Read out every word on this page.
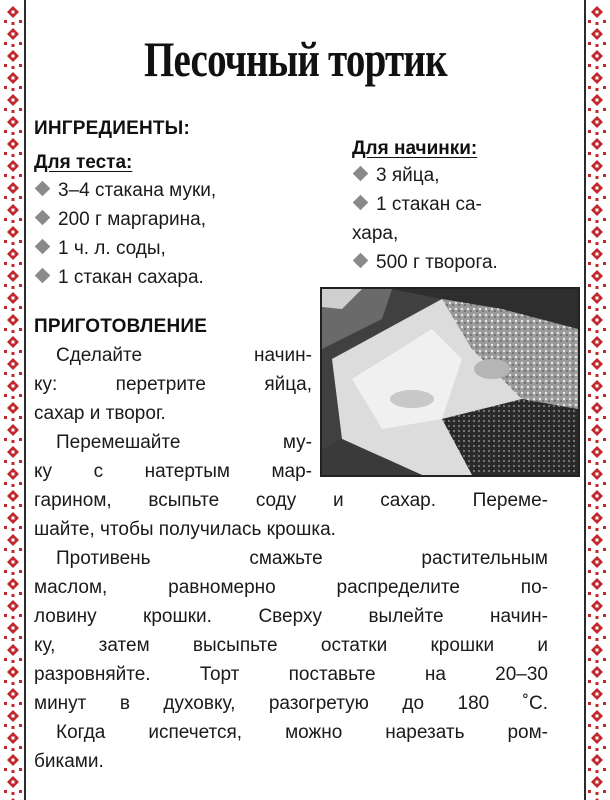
Песочный тортик
ИНГРЕДИЕНТЫ:
Для теста:
3–4 стакана муки,
200 г маргарина,
1 ч. л. соды,
1 стакан сахара.
Для начинки:
3 яйца,
1 стакан са-
хара,
500 г творога.
ПРИГОТОВЛЕНИЕ
Сделайте начин-
ку: перетрите яйца,
сахар и творог.
Перемешайте му-
ку с натертым мар-
гарином, всыпьте соду и сахар. Переме-
шайте, чтобы получилась крошка.
Противень смажьте растительным
маслом, равномерно распределите по-
ловину крошки. Сверху вылейте начин-
ку, затем высыпьте остатки крошки и
разровняйте. Торт поставьте на 20–30
минут в духовку, разогретую до 180 ˚С.
Когда испечется, можно нарезать ром-
биками.
